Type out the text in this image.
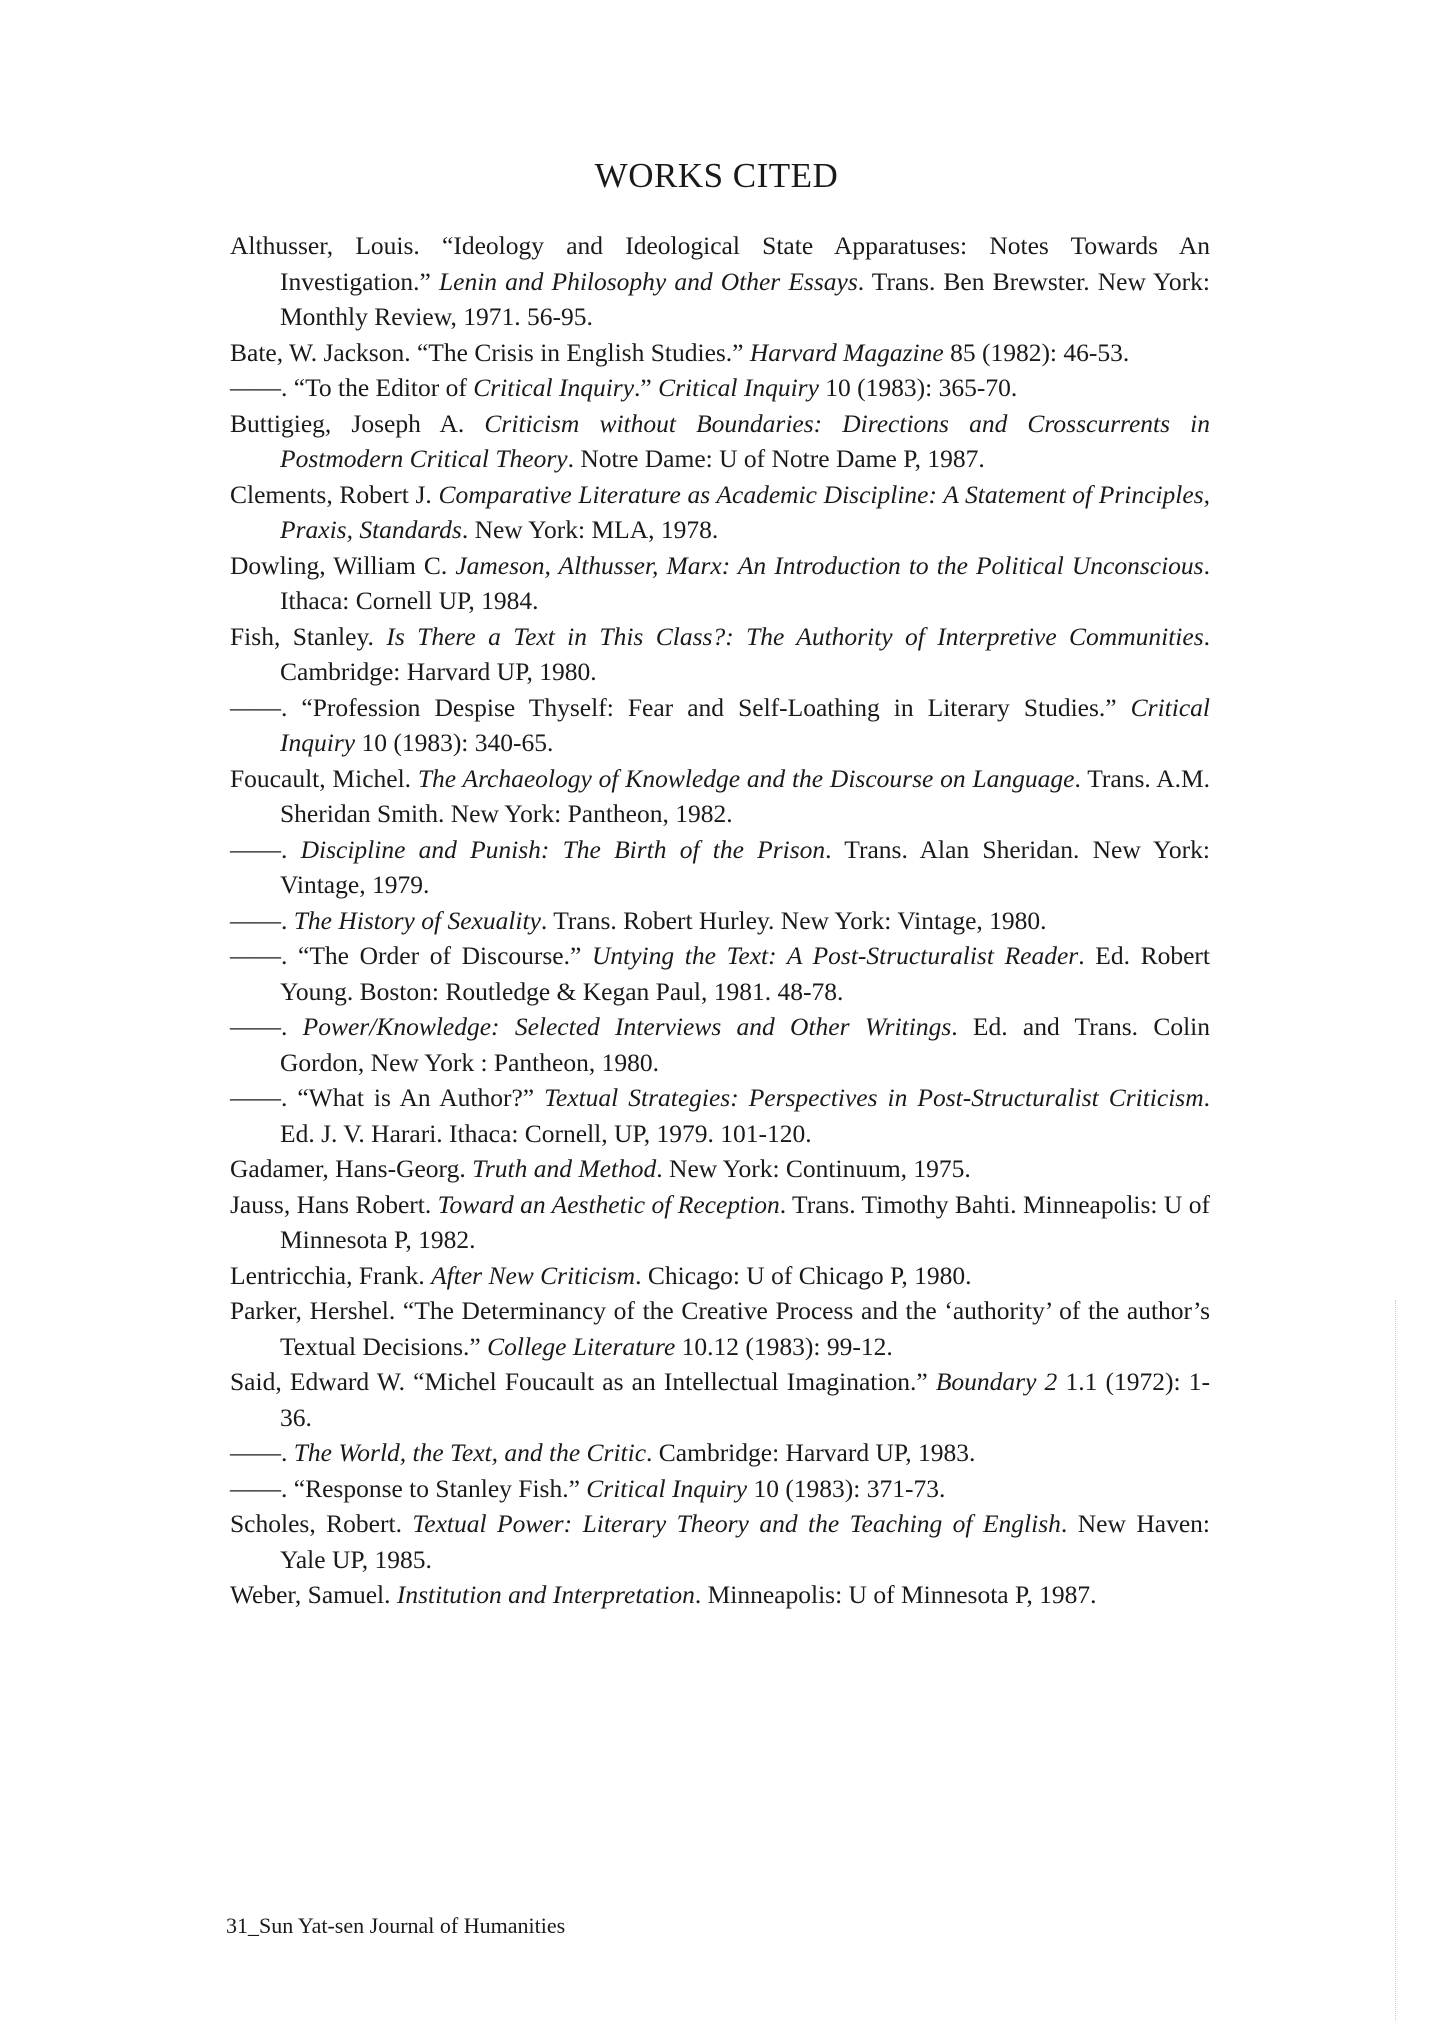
WORKS CITED

Althusser, Louis. “Ideology and Ideological State Apparatuses: Notes Towards An Investigation.” Lenin and Philosophy and Other Essays. Trans. Ben Brewster. New York: Monthly Review, 1971. 56-95.

Bate, W. Jackson. “The Crisis in English Studies.” Harvard Magazine 85 (1982): 46-53.

——. “To the Editor of Critical Inquiry.” Critical Inquiry 10 (1983): 365-70.

Buttigieg, Joseph A. Criticism without Boundaries: Directions and Crosscurrents in Postmodern Critical Theory. Notre Dame: U of Notre Dame P, 1987.

Clements, Robert J. Comparative Literature as Academic Discipline: A Statement of Principles, Praxis, Standards. New York: MLA, 1978.

Dowling, William C. Jameson, Althusser, Marx: An Introduction to the Political Unconscious. Ithaca: Cornell UP, 1984.

Fish, Stanley. Is There a Text in This Class?: The Authority of Interpretive Communities. Cambridge: Harvard UP, 1980.

——. “Profession Despise Thyself: Fear and Self-Loathing in Literary Studies.” Critical Inquiry 10 (1983): 340-65.

Foucault, Michel. The Archaeology of Knowledge and the Discourse on Language. Trans. A.M. Sheridan Smith. New York: Pantheon, 1982.

——. Discipline and Punish: The Birth of the Prison. Trans. Alan Sheridan. New York: Vintage, 1979.

——. The History of Sexuality. Trans. Robert Hurley. New York: Vintage, 1980.

——. “The Order of Discourse.” Untying the Text: A Post-Structuralist Reader. Ed. Robert Young. Boston: Routledge & Kegan Paul, 1981. 48-78.

——. Power/Knowledge: Selected Interviews and Other Writings. Ed. and Trans. Colin Gordon, New York : Pantheon, 1980.

——. “What is An Author?” Textual Strategies: Perspectives in Post-Structuralist Criticism. Ed. J. V. Harari. Ithaca: Cornell, UP, 1979. 101-120.

Gadamer, Hans-Georg. Truth and Method. New York: Continuum, 1975.

Jauss, Hans Robert. Toward an Aesthetic of Reception. Trans. Timothy Bahti. Minneapolis: U of Minnesota P, 1982.

Lentricchia, Frank. After New Criticism. Chicago: U of Chicago P, 1980.

Parker, Hershel. “The Determinancy of the Creative Process and the ‘authority’ of the author’s Textual Decisions.” College Literature 10.12 (1983): 99-12.

Said, Edward W. “Michel Foucault as an Intellectual Imagination.” Boundary 2 1.1 (1972): 1-36.

——. The World, the Text, and the Critic. Cambridge: Harvard UP, 1983.

——. “Response to Stanley Fish.” Critical Inquiry 10 (1983): 371-73.

Scholes, Robert. Textual Power: Literary Theory and the Teaching of English. New Haven: Yale UP, 1985.

Weber, Samuel. Institution and Interpretation. Minneapolis: U of Minnesota P, 1987.

31_Sun Yat-sen Journal of Humanities
